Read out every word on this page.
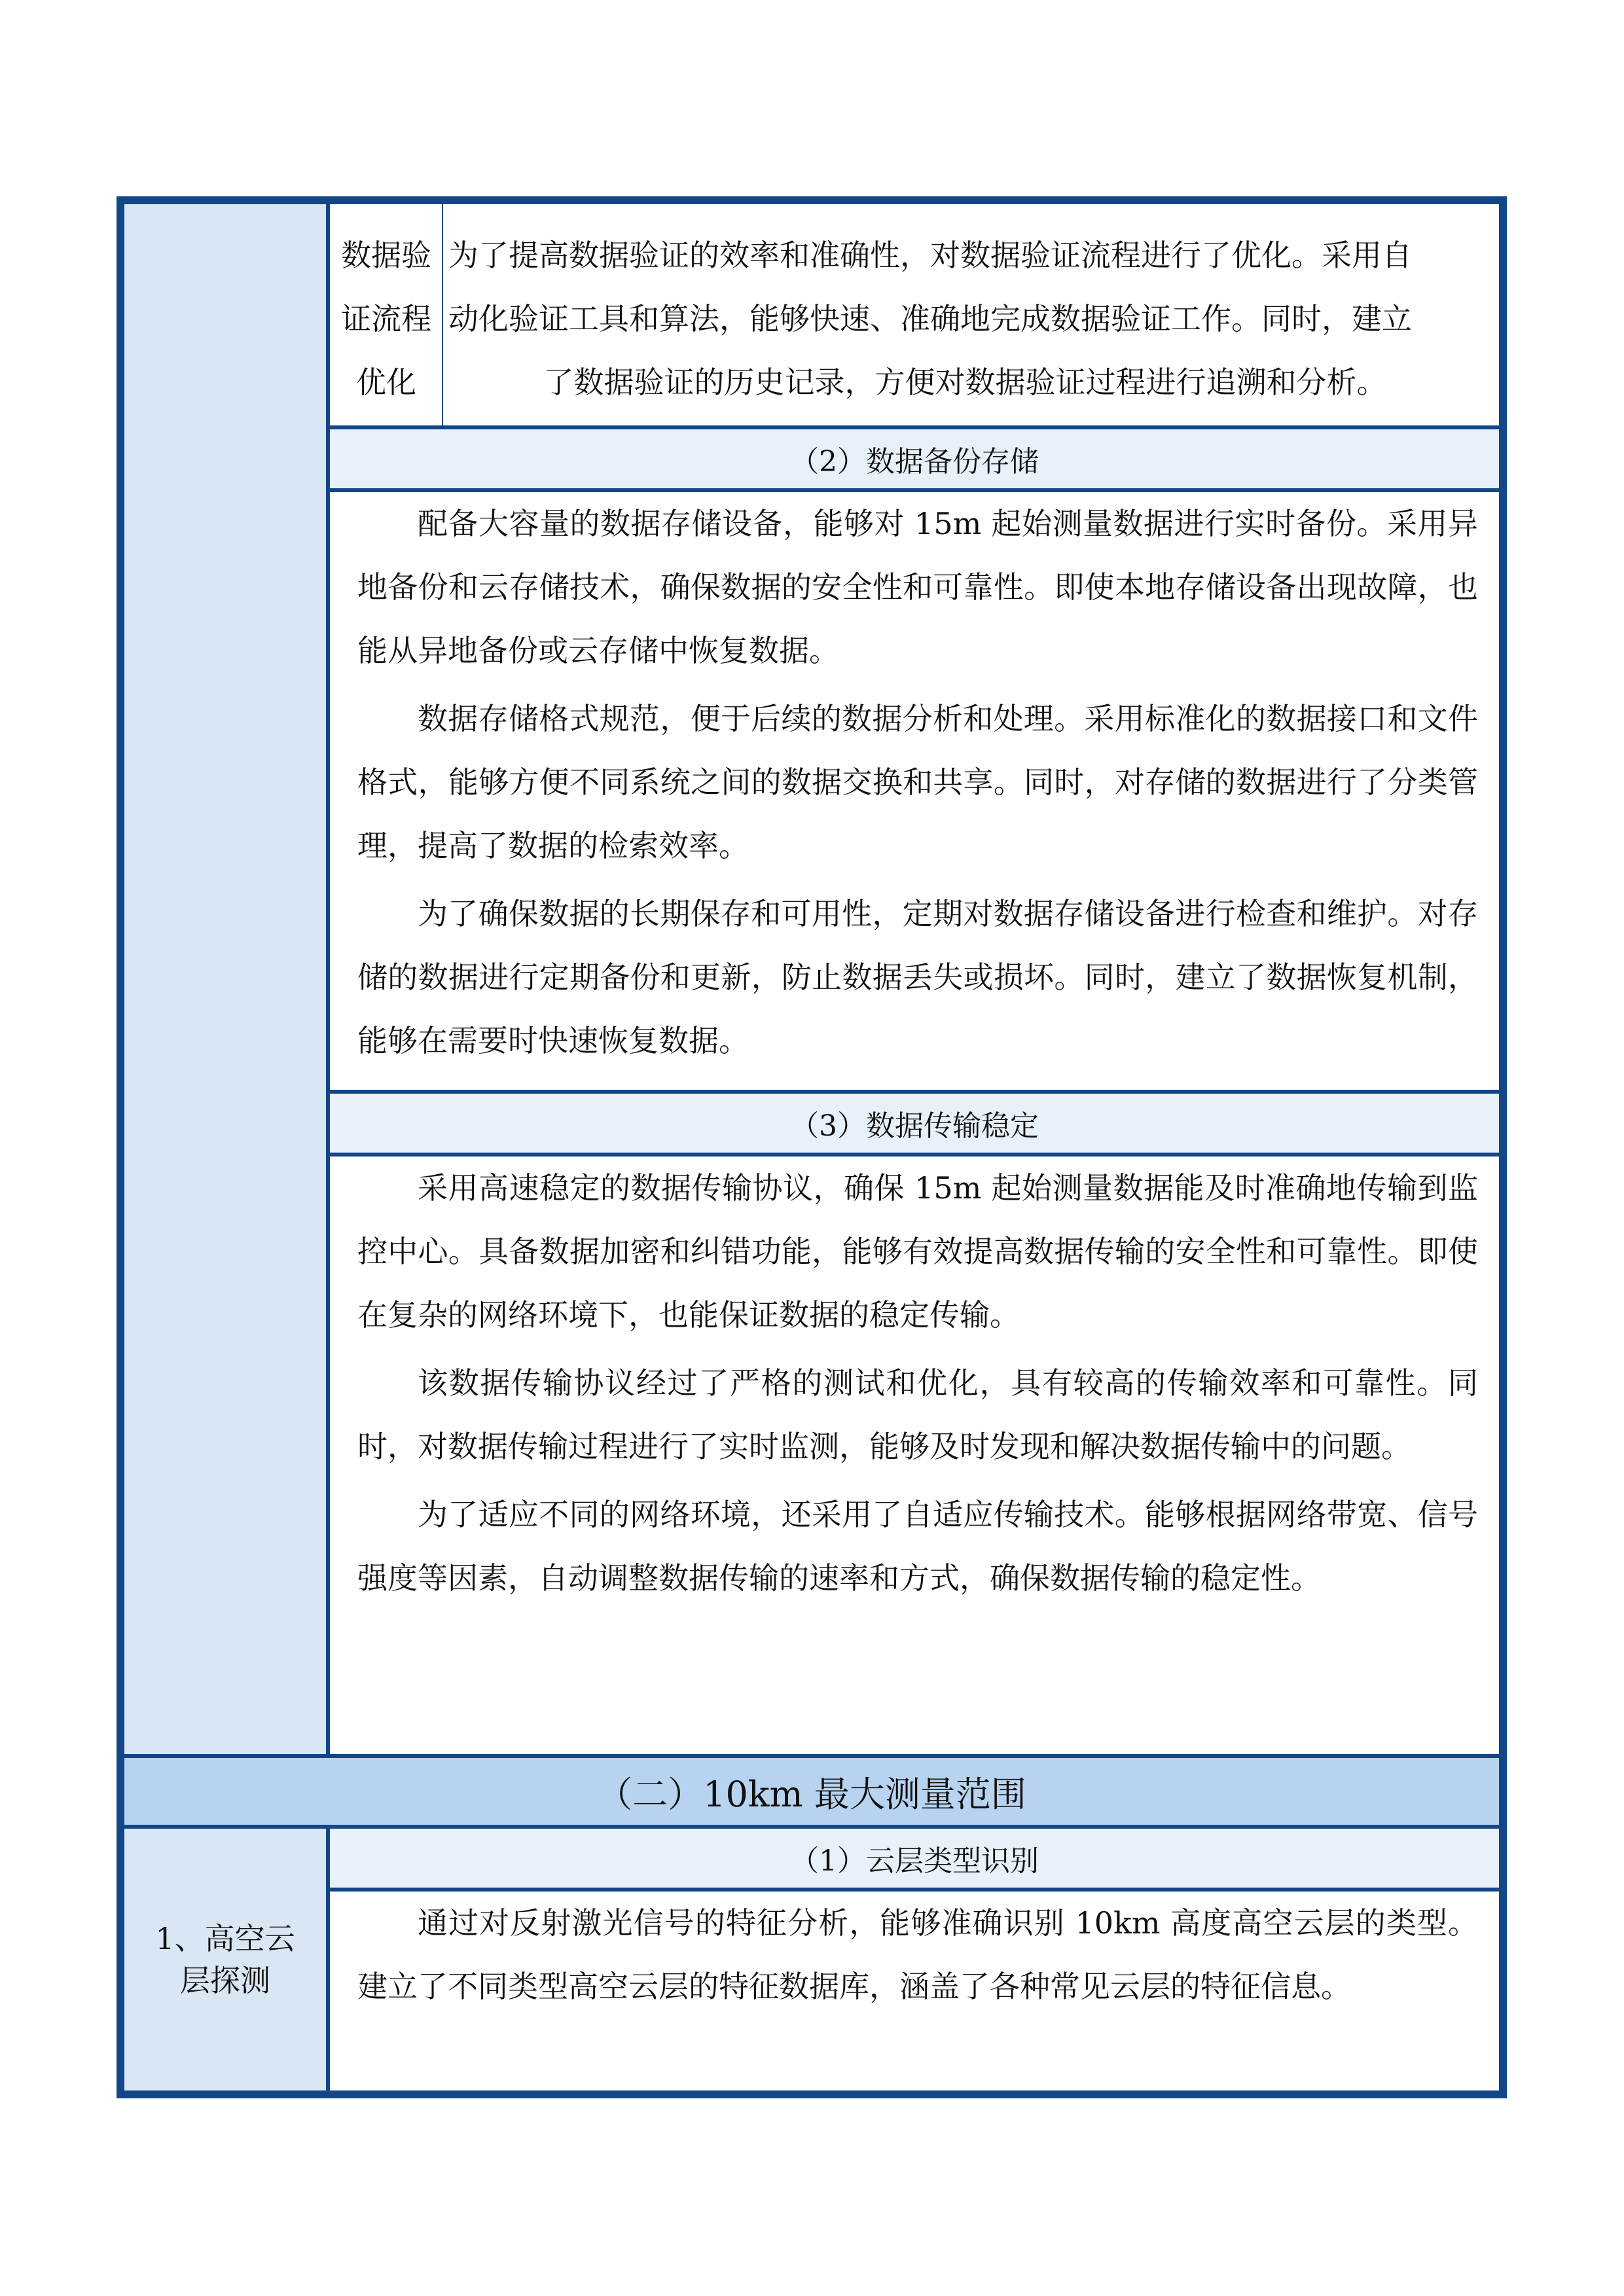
数据验
证流程
优化
为了提高数据验证的效率和准确性，对数据验证流程进行了优化。采用自
动化验证工具和算法，能够快速、准确地完成数据验证工作。同时，建立
了数据验证的历史记录，方便对数据验证过程进行追溯和分析。
（2）数据备份存储

配备大容量的数据存储设备，能够对 15m 起始测量数据进行实时备份。采用异地备份和云存储技术，确保数据的安全性和可靠性。即使本地存储设备出现故障，也能从异地备份或云存储中恢复数据。

数据存储格式规范，便于后续的数据分析和处理。采用标准化的数据接口和文件格式，能够方便不同系统之间的数据交换和共享。同时，对存储的数据进行了分类管理，提高了数据的检索效率。

为了确保数据的长期保存和可用性，定期对数据存储设备进行检查和维护。对存储的数据进行定期备份和更新，防止数据丢失或损坏。同时，建立了数据恢复机制，能够在需要时快速恢复数据。

（3）数据传输稳定

采用高速稳定的数据传输协议，确保 15m 起始测量数据能及时准确地传输到监控中心。具备数据加密和纠错功能，能够有效提高数据传输的安全性和可靠性。即使在复杂的网络环境下，也能保证数据的稳定传输。

该数据传输协议经过了严格的测试和优化，具有较高的传输效率和可靠性。同时，对数据传输过程进行了实时监测，能够及时发现和解决数据传输中的问题。

为了适应不同的网络环境，还采用了自适应传输技术。能够根据网络带宽、信号强度等因素，自动调整数据传输的速率和方式，确保数据传输的稳定性。

（二）10km 最大测量范围
1、高空云
层探测
（1）云层类型识别

通过对反射激光信号的特征分析，能够准确识别 10km 高度高空云层的类型。建立了不同类型高空云层的特征数据库，涵盖了各种常见云层的特征信息。
